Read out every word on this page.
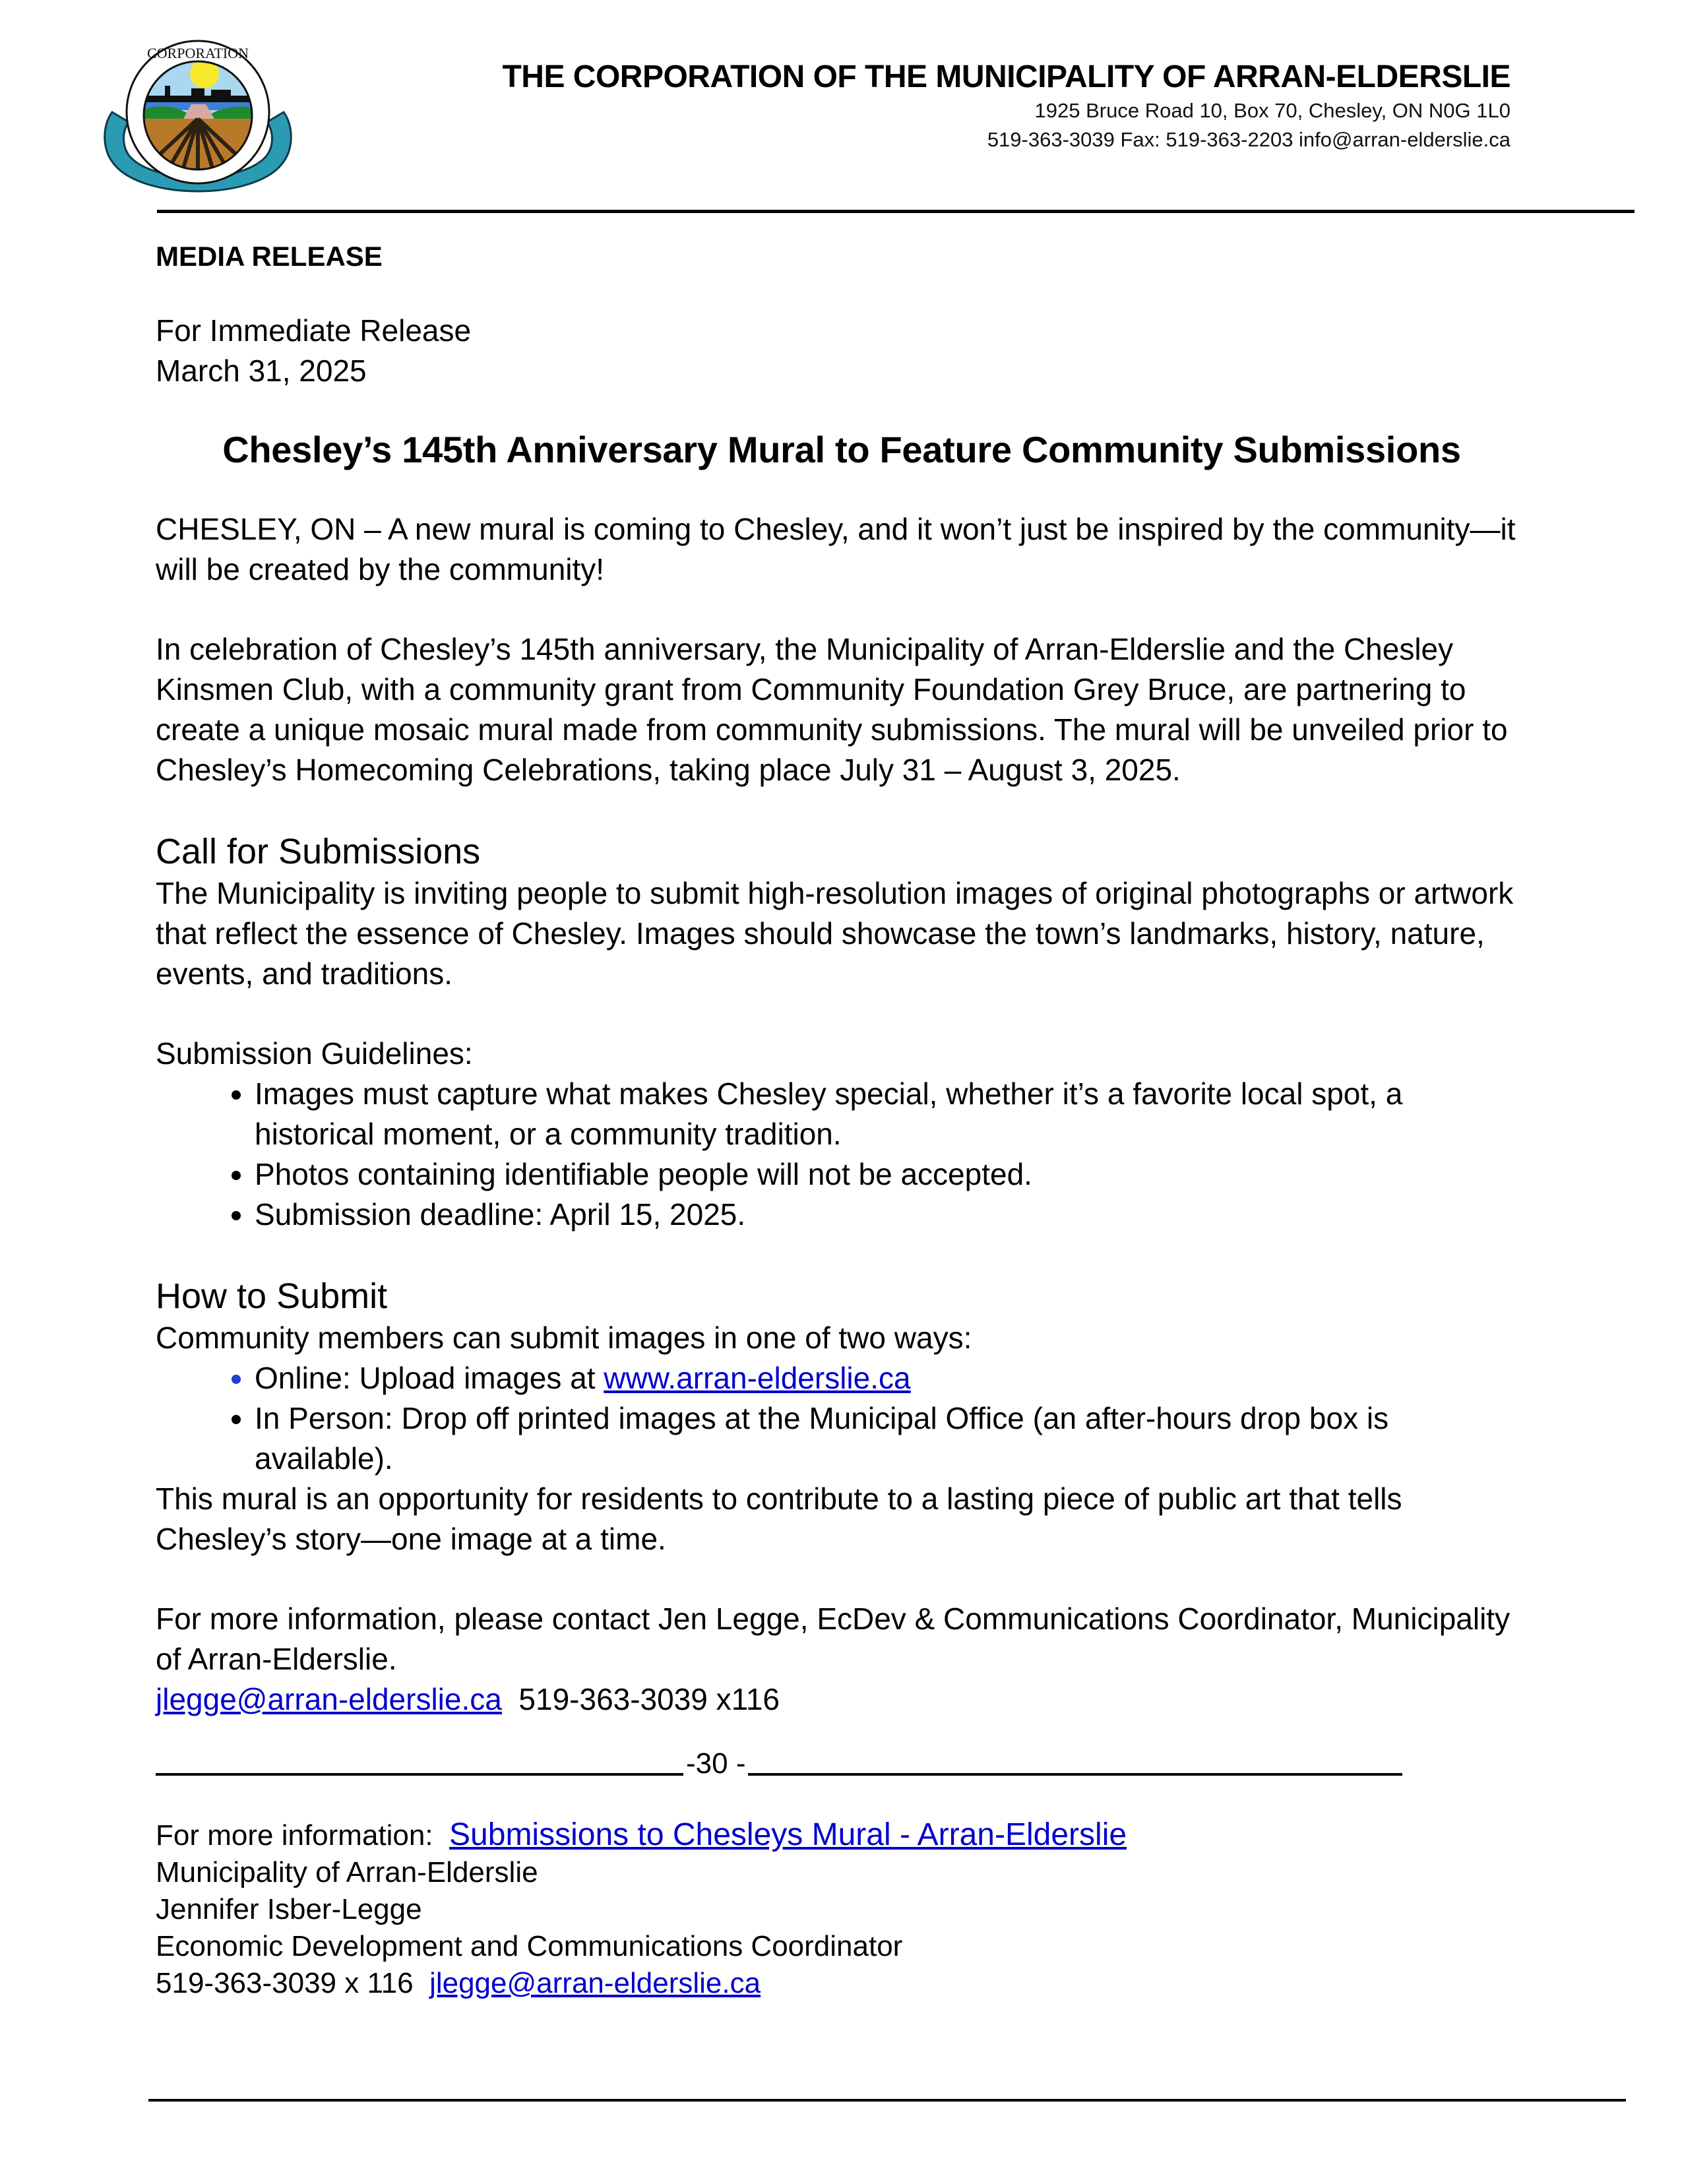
CORPORATION
THE CORPORATION OF THE MUNICIPALITY OF ARRAN-ELDERSLIE
1925 Bruce Road 10, Box 70, Chesley, ON N0G 1L0
519-363-3039 Fax: 519-363-2203 info@arran-elderslie.ca
MEDIA RELEASE
For Immediate Release
March 31, 2025
Chesley’s 145th Anniversary Mural to Feature Community Submissions

CHESLEY, ON – A new mural is coming to Chesley, and it won’t just be inspired by the community—it will be created by the community!

In celebration of Chesley’s 145th anniversary, the Municipality of Arran-Elderslie and the Chesley Kinsmen Club, with a community grant from Community Foundation Grey Bruce, are partnering to create a unique mosaic mural made from community submissions. The mural will be unveiled prior to Chesley’s Homecoming Celebrations, taking place July 31 – August 3, 2025.

Call for Submissions

The Municipality is inviting people to submit high-resolution images of original photographs or artwork that reflect the essence of Chesley. Images should showcase the town’s landmarks, history, nature, events, and traditions.

Submission Guidelines:
• Images must capture what makes Chesley special, whether it’s a favorite local spot, a historical moment, or a community tradition.
• Photos containing identifiable people will not be accepted.
• Submission deadline: April 15, 2025.
How to Submit

Community members can submit images in one of two ways:

• Online: Upload images at www.arran-elderslie.ca
• In Person: Drop off printed images at the Municipal Office (an after-hours drop box is available).

This mural is an opportunity for residents to contribute to a lasting piece of public art that tells Chesley’s story—one image at a time.

For more information, please contact Jen Legge, EcDev & Communications Coordinator, Municipality of Arran-Elderslie.

jlegge@arran-elderslie.ca 519-363-3039 x116

-30 -
For more information: Submissions to Chesleys Mural - Arran-Elderslie
Municipality of Arran-Elderslie
Jennifer Isber-Legge
Economic Development and Communications Coordinator
519-363-3039 x 116 jlegge@arran-elderslie.ca
